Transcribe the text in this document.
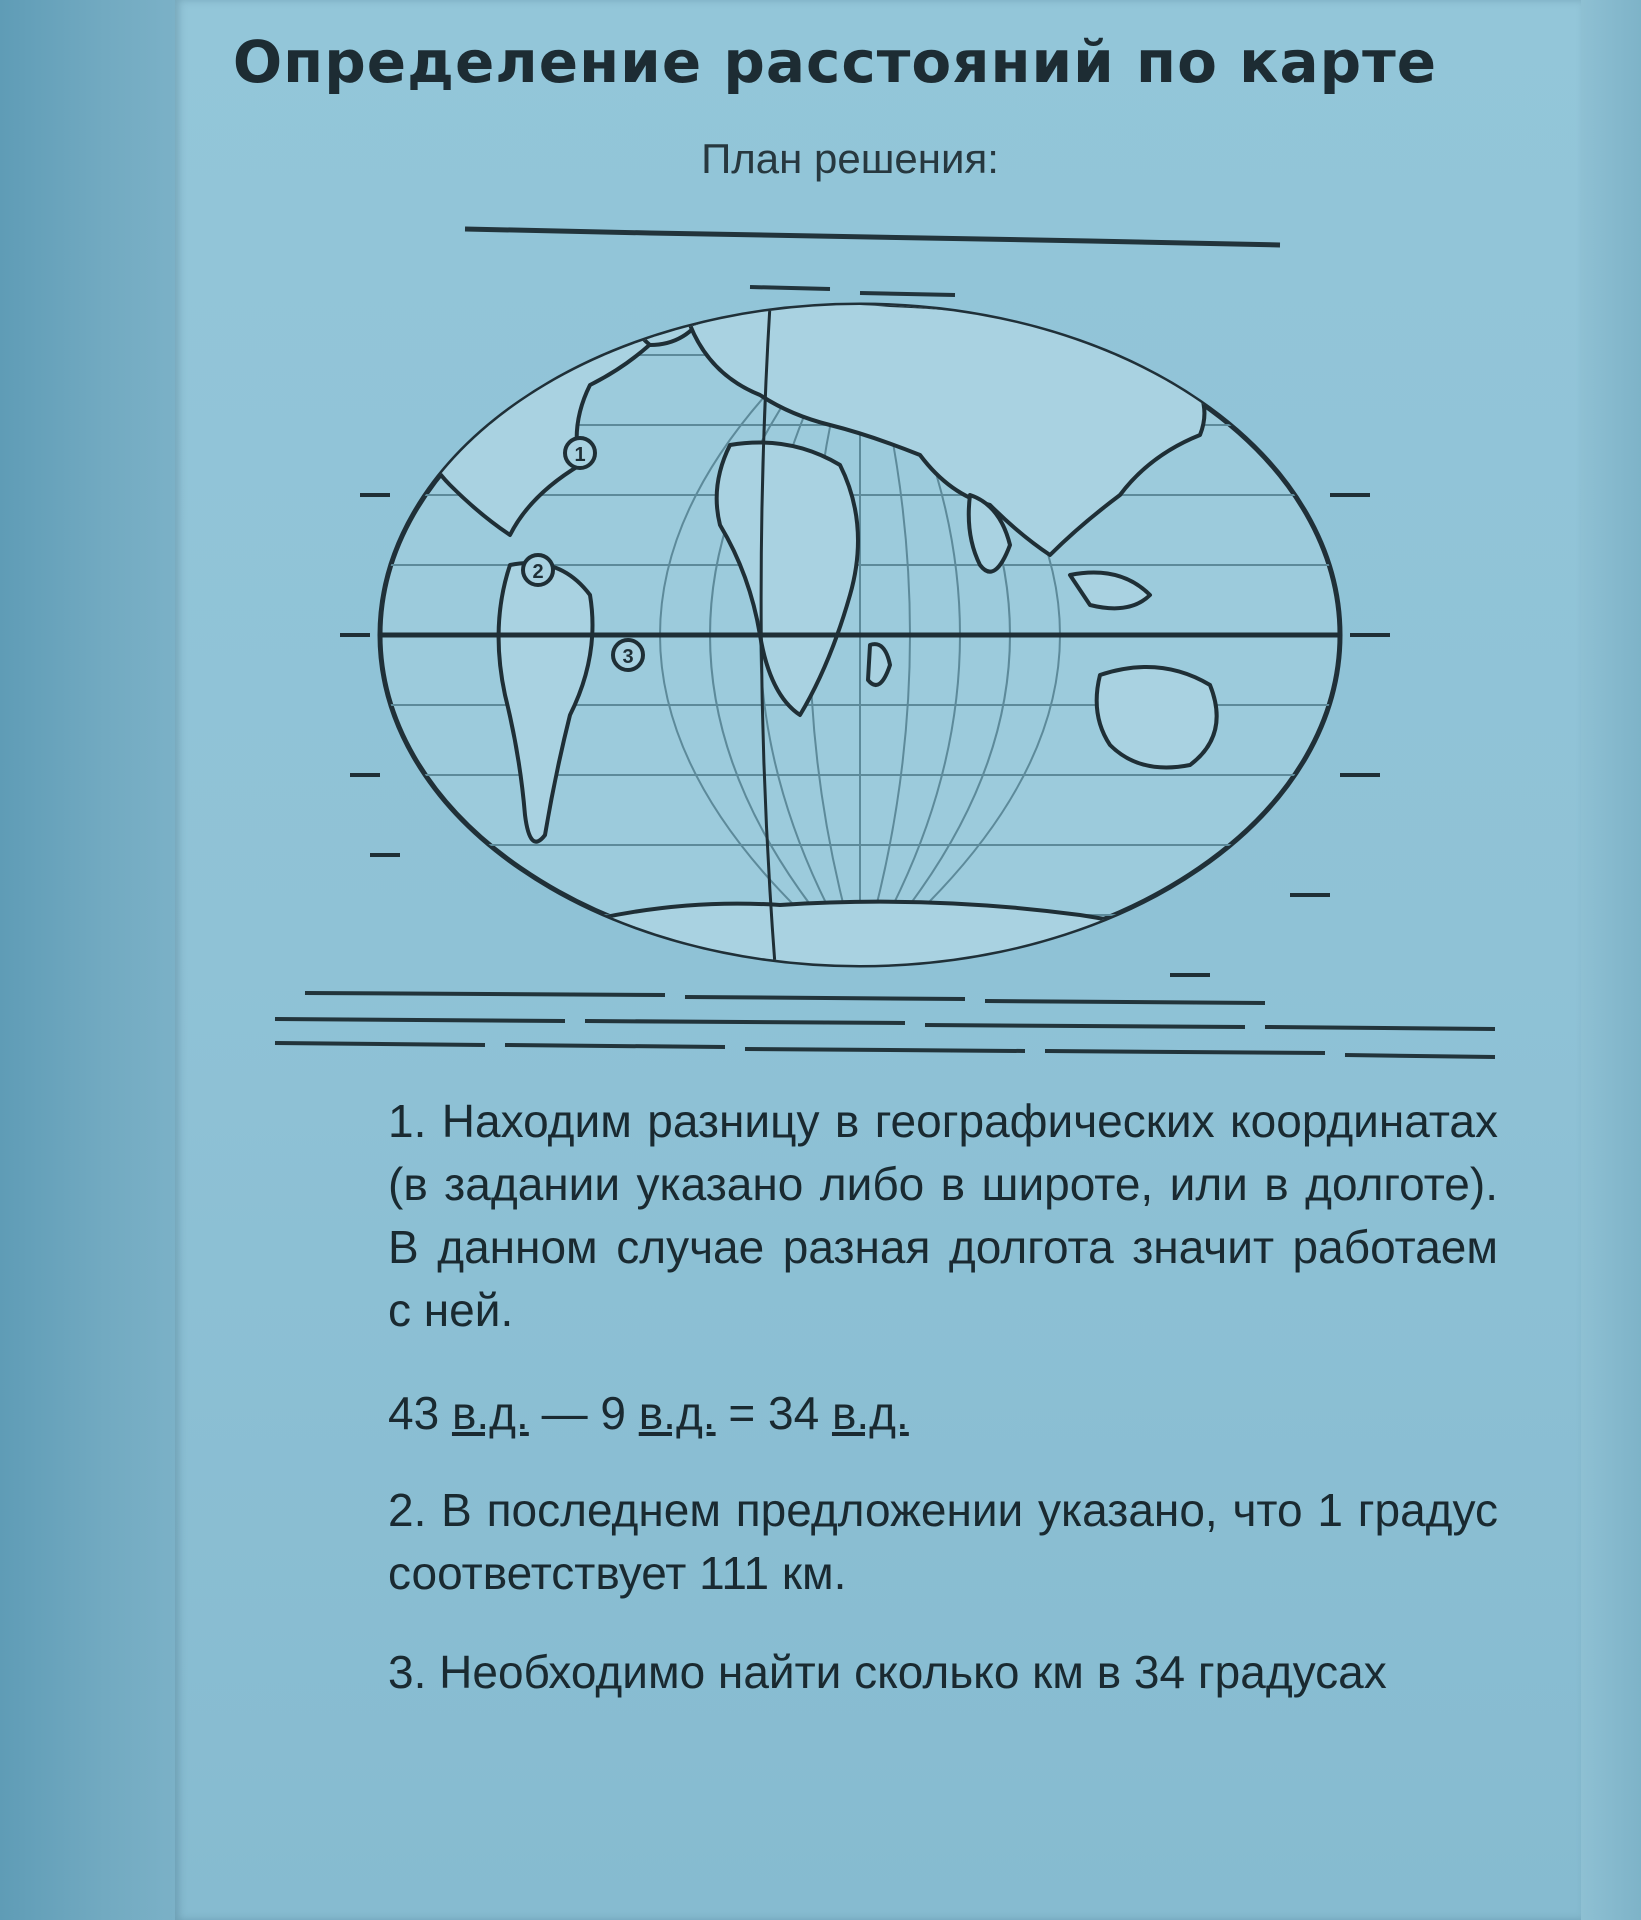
Определение расстояний по карте
План решения:
1
2
3

1. Находим разницу в географических координатах (в задании указано либо в широте, или в долготе). В данном случае разная долгота значит работаем с ней.

43 в.д. — 9 в.д. = 34 в.д.

2. В последнем предложении указано, что 1 градус соответствует 111 км.

3. Необходимо найти сколько км в 34 градусах
